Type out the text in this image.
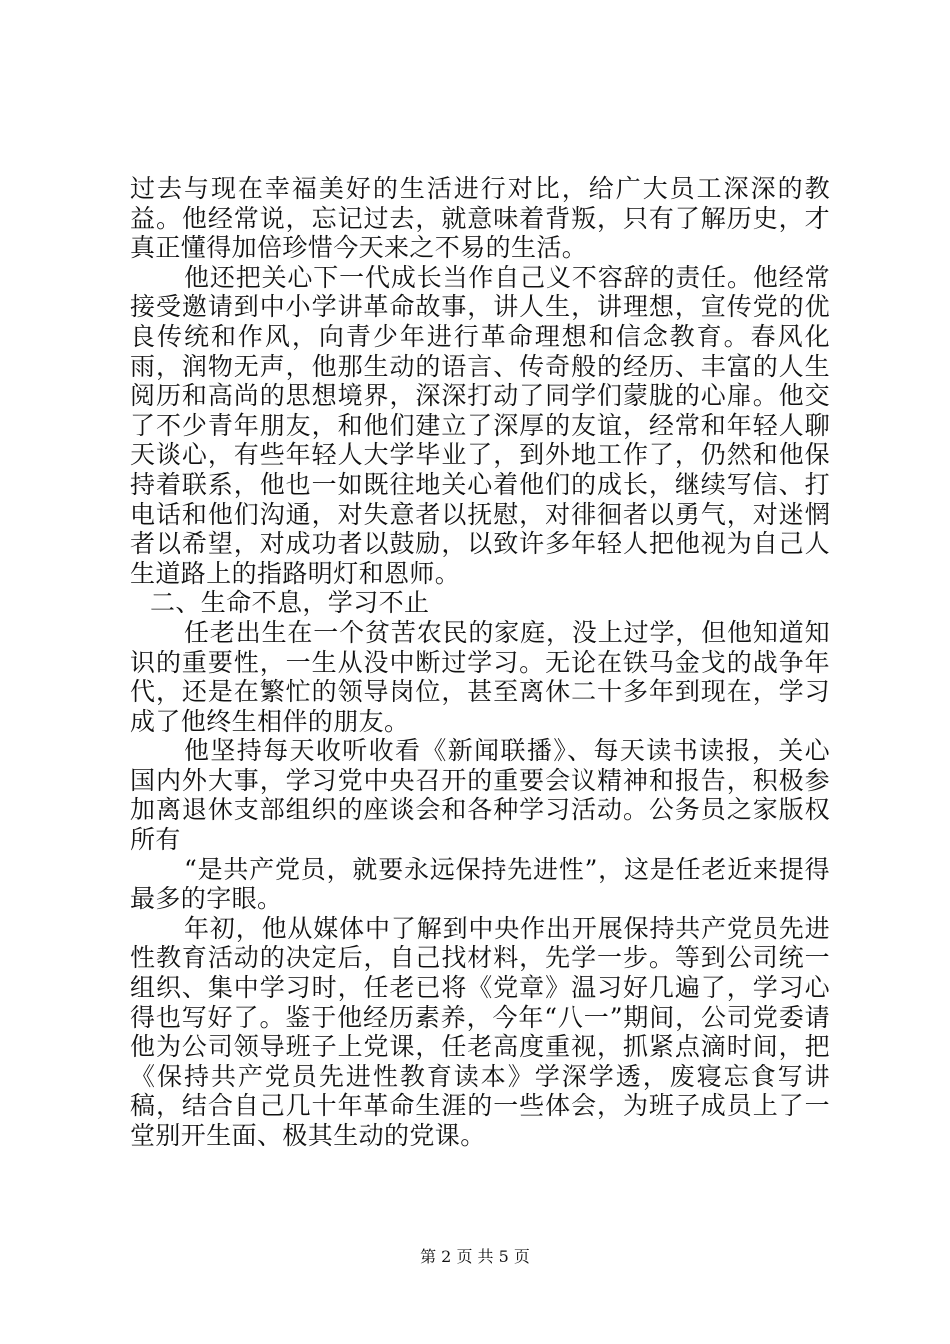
过去与现在幸福美好的生活进行对比，给广大员工深深的教益。他经常说，忘记过去，就意味着背叛，只有了解历史，才真正懂得加倍珍惜今天来之不易的生活。

他还把关心下一代成长当作自己义不容辞的责任。他经常接受邀请到中小学讲革命故事，讲人生，讲理想，宣传党的优良传统和作风，向青少年进行革命理想和信念教育。春风化雨，润物无声，他那生动的语言、传奇般的经历、丰富的人生阅历和高尚的思想境界，深深打动了同学们蒙胧的心扉。他交了不少青年朋友，和他们建立了深厚的友谊，经常和年轻人聊天谈心，有些年轻人大学毕业了，到外地工作了，仍然和他保持着联系，他也一如既往地关心着他们的成长，继续写信、打电话和他们沟通，对失意者以抚慰，对徘徊者以勇气，对迷惘者以希望，对成功者以鼓励，以致许多年轻人把他视为自己人生道路上的指路明灯和恩师。

二、生命不息，学习不止

任老出生在一个贫苦农民的家庭，没上过学，但他知道知识的重要性，一生从没中断过学习。无论在铁马金戈的战争年代，还是在繁忙的领导岗位，甚至离休二十多年到现在，学习成了他终生相伴的朋友。

他坚持每天收听收看《新闻联播》、每天读书读报，关心国内外大事，学习党中央召开的重要会议精神和报告，积极参加离退休支部组织的座谈会和各种学习活动。公务员之家版权所有

“是共产党员，就要永远保持先进性”，这是任老近来提得最多的字眼。

年初，他从媒体中了解到中央作出开展保持共产党员先进性教育活动的决定后，自己找材料，先学一步。等到公司统一组织、集中学习时，任老已将《党章》温习好几遍了，学习心得也写好了。鉴于他经历素养，今年“八一”期间，公司党委请他为公司领导班子上党课，任老高度重视，抓紧点滴时间，把《保持共产党员先进性教育读本》学深学透，废寝忘食写讲稿，结合自己几十年革命生涯的一些体会，为班子成员上了一堂别开生面、极其生动的党课。

第 2 页 共 5 页
